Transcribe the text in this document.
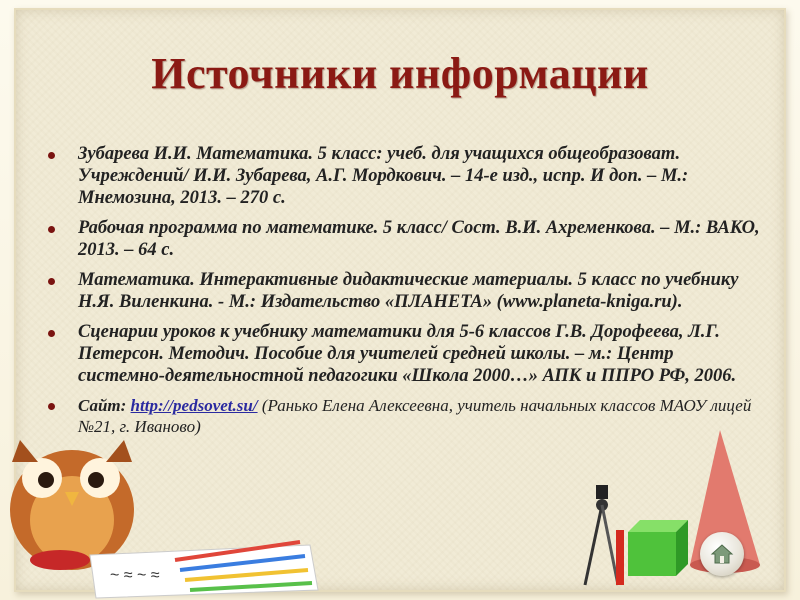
~ ≈ ~ ≈
Источники информации
Зубарева И.И. Математика. 5 класс: учеб. для учащихся общеобразоват. Учреждений/ И.И. Зубарева, А.Г. Мордкович. – 14-е изд., испр. И доп. – М.: Мнемозина, 2013. – 270 с.
Рабочая программа по математике. 5 класс/ Сост. В.И. Ахременкова. – М.: ВАКО, 2013. – 64 с.
Математика. Интерактивные дидактические материалы. 5 класс по учебнику Н.Я. Виленкина. - М.: Издательство «ПЛАНЕТА» (www.planeta-kniga.ru).
Сценарии уроков к учебнику математики для 5-6 классов Г.В. Дорофеева, Л.Г. Петерсон. Методич. Пособие для учителей средней школы. – м.: Центр системно-деятельностной педагогики «Школа 2000…» АПК и ППРО РФ, 2006.
Сайт: http://pedsovet.su/ (Ранько Елена Алексеевна, учитель начальных классов МАОУ лицей №21, г. Иваново)
